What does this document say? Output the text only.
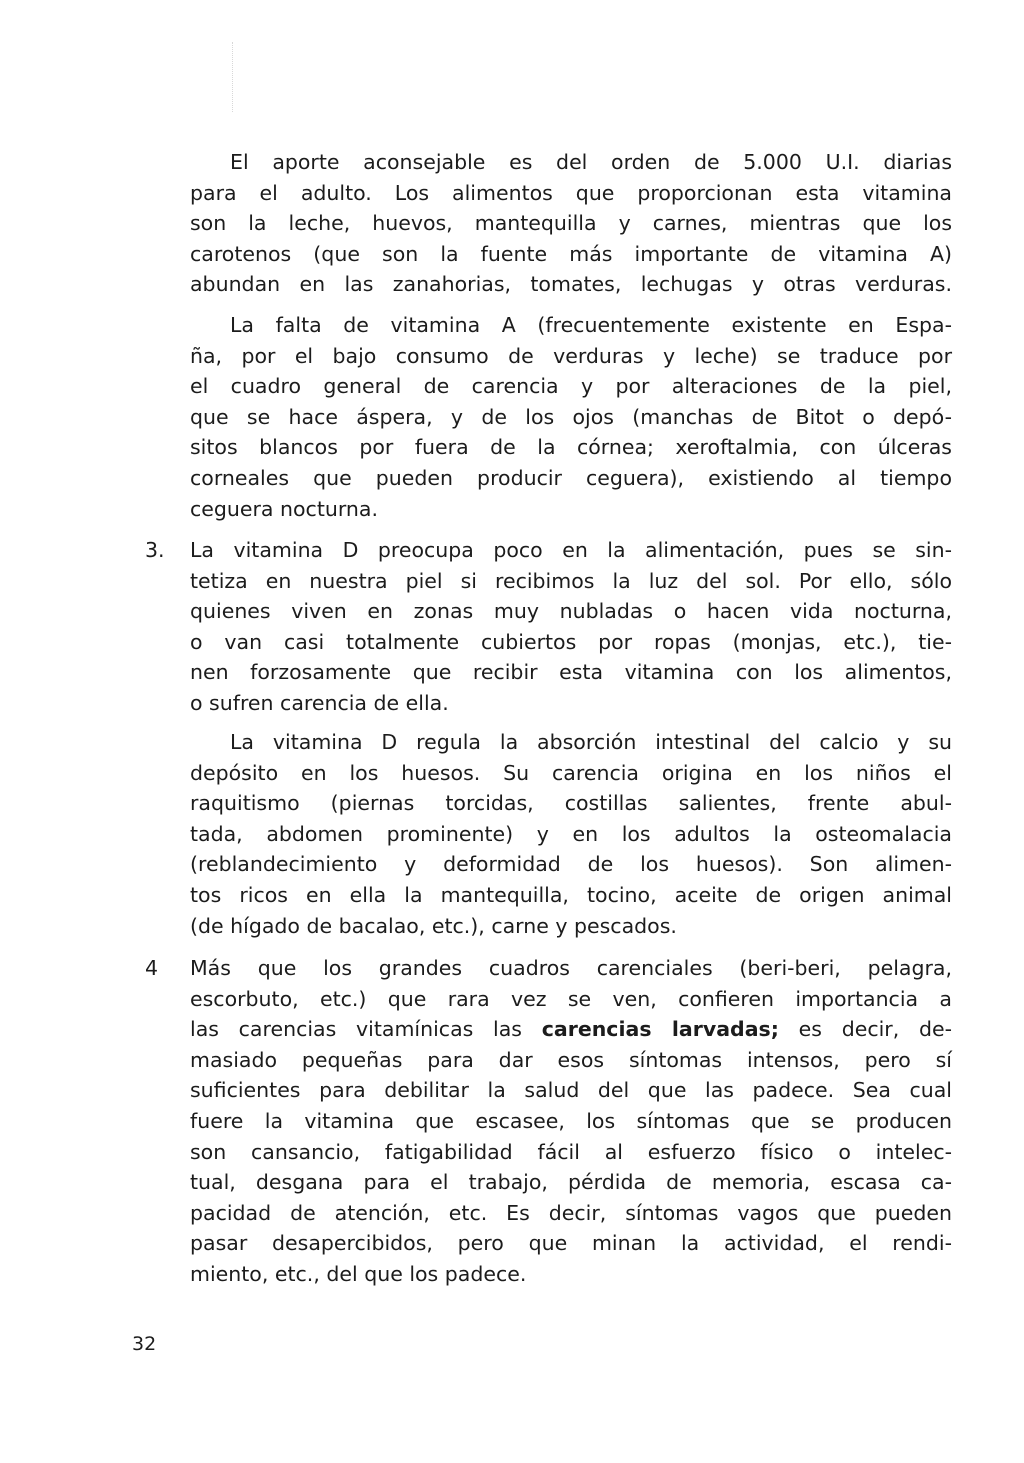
El aporte aconsejable es del orden de 5.000 U.I. diarias
para el adulto. Los alimentos que proporcionan esta vitamina
son la leche, huevos, mantequilla y carnes, mientras que los
carotenos (que son la fuente más importante de vitamina A)
abundan en las zanahorias, tomates, lechugas y otras verduras.
La falta de vitamina A (frecuentemente existente en Espa-
ña, por el bajo consumo de verduras y leche) se traduce por
el cuadro general de carencia y por alteraciones de la piel,
que se hace áspera, y de los ojos (manchas de Bitot o depó-
sitos blancos por fuera de la córnea; xeroftalmia, con úlceras
corneales que pueden producir ceguera), existiendo al tiempo
ceguera nocturna.
3. La vitamina D preocupa poco en la alimentación, pues se sin-
tetiza en nuestra piel si recibimos la luz del sol. Por ello, sólo
quienes viven en zonas muy nubladas o hacen vida nocturna,
o van casi totalmente cubiertos por ropas (monjas, etc.), tie-
nen forzosamente que recibir esta vitamina con los alimentos,
o sufren carencia de ella.
La vitamina D regula la absorción intestinal del calcio y su
depósito en los huesos. Su carencia origina en los niños el
raquitismo (piernas torcidas, costillas salientes, frente abul-
tada, abdomen prominente) y en los adultos la osteomalacia
(reblandecimiento y deformidad de los huesos). Son alimen-
tos ricos en ella la mantequilla, tocino, aceite de origen animal
(de hígado de bacalao, etc.), carne y pescados.
4 Más que los grandes cuadros carenciales (beri-beri, pelagra,
escorbuto, etc.) que rara vez se ven, confieren importancia a
las carencias vitamínicas las carencias larvadas; es decir, de-
masiado pequeñas para dar esos síntomas intensos, pero sí
suficientes para debilitar la salud del que las padece. Sea cual
fuere la vitamina que escasee, los síntomas que se producen
son cansancio, fatigabilidad fácil al esfuerzo físico o intelec-
tual, desgana para el trabajo, pérdida de memoria, escasa ca-
pacidad de atención, etc. Es decir, síntomas vagos que pueden
pasar desapercibidos, pero que minan la actividad, el rendi-
miento, etc., del que los padece.
32
